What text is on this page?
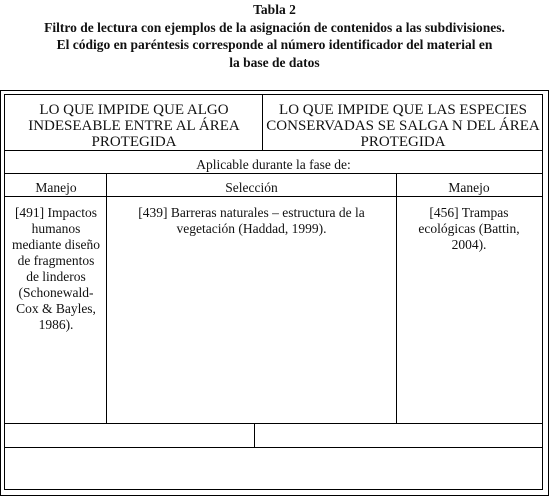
Tabla 2
Filtro de lectura con ejemplos de la asignación de contenidos a las subdivisiones.
El código en paréntesis corresponde al número identificador del material en
la base de datos
LO QUE IMPIDE QUE ALGO INDESEABLE ENTRE AL ÁREA PROTEGIDA
LO QUE IMPIDE QUE LAS ESPECIES CONSERVADAS SE SALGA N DEL ÁREA PROTEGIDA
Aplicable durante la fase de:
Manejo	Selección	Manejo
[491] Impactos humanos mediante diseño de fragmentos de linderos (Schonewald-Cox & Bayles, 1986).
[439] Barreras naturales – estructura de la vegetación (Haddad, 1999).
[456] Trampas ecológicas (Battin, 2004).
